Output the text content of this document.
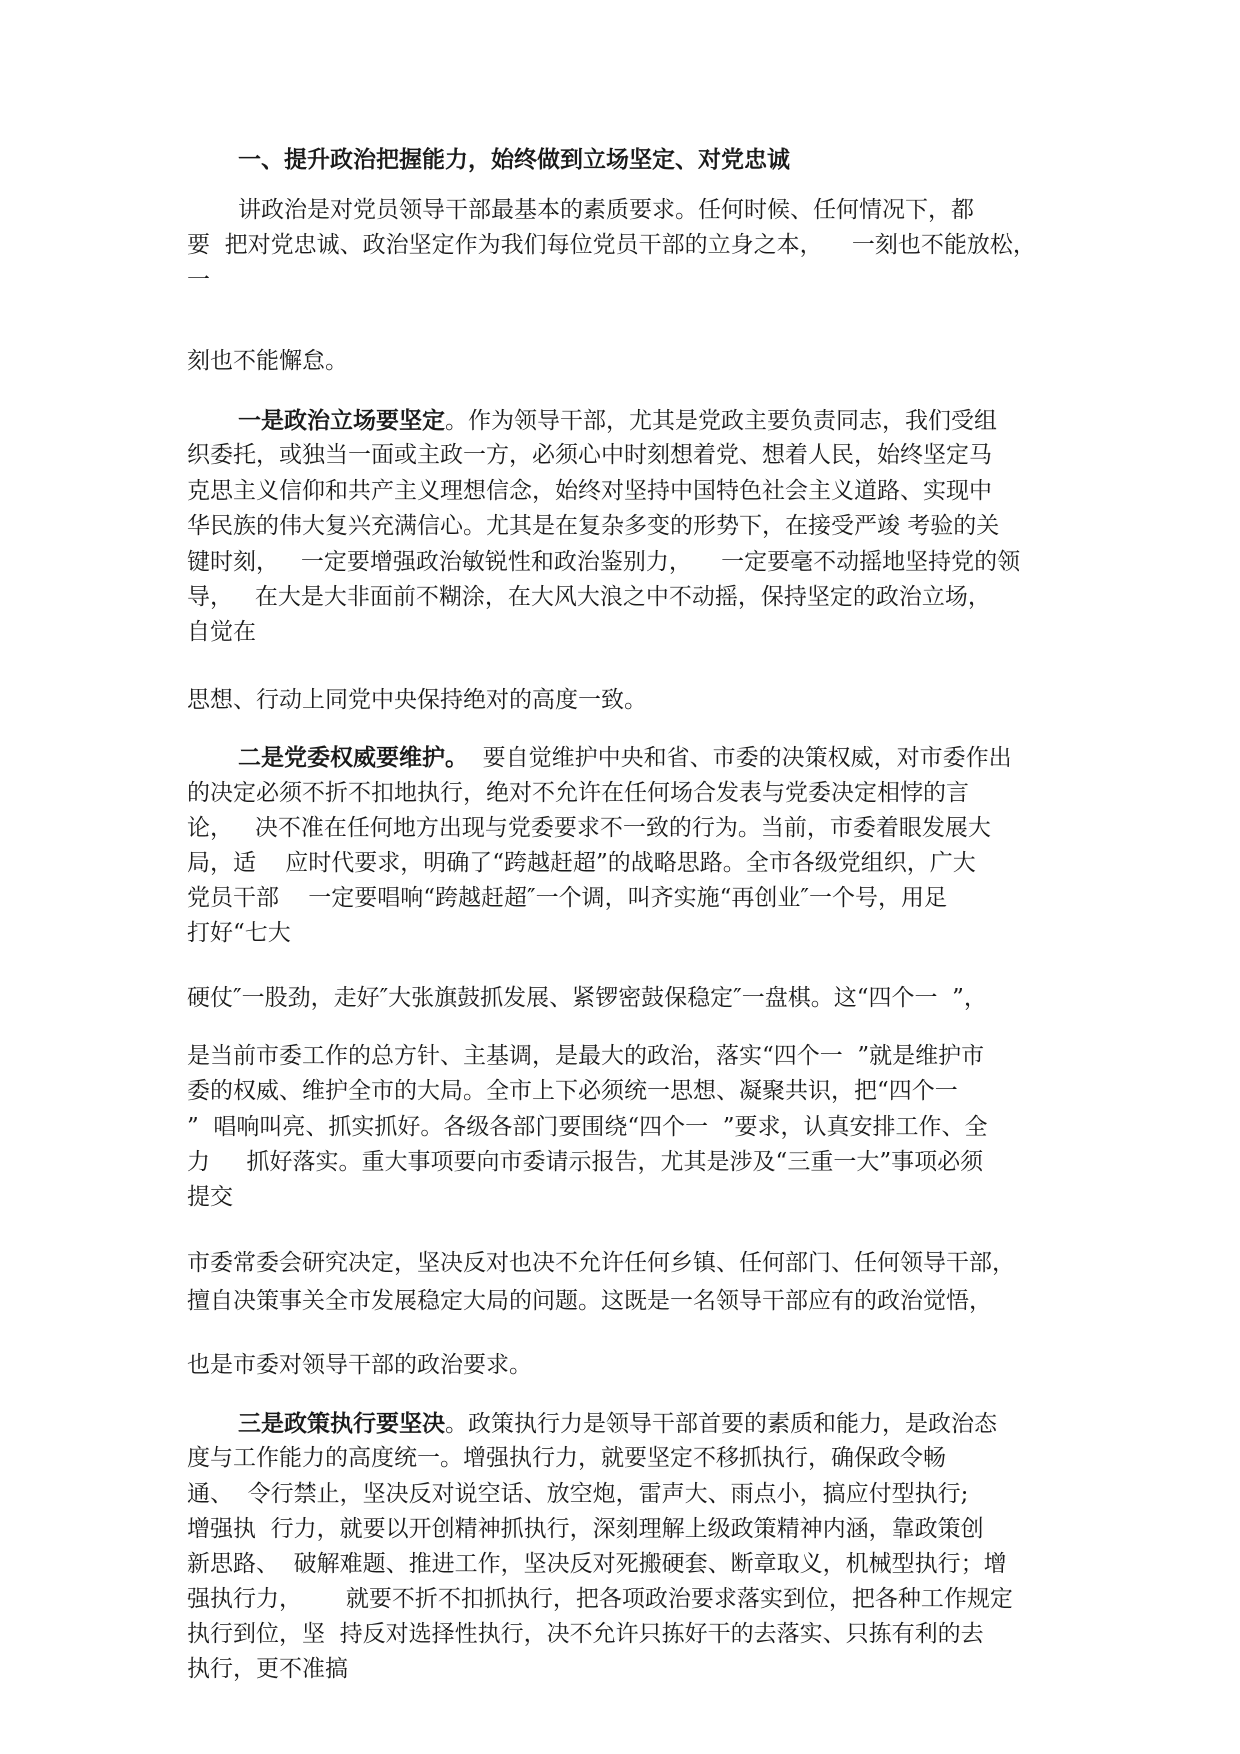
一、提升政治把握能力，始终做到立场坚定、对党忠诚
讲政治是对党员领导干部最基本的素质要求。任何时候、任何情况下，都
要  把对党忠诚、政治坚定作为我们每位党员干部的立身之本，    一刻也不能放松，
一
刻也不能懈怠。
一是政治立场要坚定。作为领导干部，尤其是党政主要负责同志，我们受组
织委托，或独当一面或主政一方，必须心中时刻想着党、想着人民，始终坚定马
克思主义信仰和共产主义理想信念，始终对坚持中国特色社会主义道路、实现中
华民族的伟大复兴充满信心。尤其是在复杂多变的形势下，在接受严竣 考验的关
键时刻，   一定要增强政治敏锐性和政治鉴别力，    一定要毫不动摇地坚持党的领
导，   在大是大非面前不糊涂，在大风大浪之中不动摇，保持坚定的政治立场，
自觉在
思想、行动上同党中央保持绝对的高度一致。
二是党委权威要维护。  要自觉维护中央和省、市委的决策权威，对市委作出
的决定必须不折不扣地执行，绝对不允许在任何场合发表与党委决定相悖的言
论，   决不准在任何地方出现与党委要求不一致的行为。当前，市委着眼发展大
局，适    应时代要求，明确了“跨越赶超”的战略思路。全市各级党组织，广大
党员干部    一定要唱响“跨越赶超″一个调，叫齐实施“再创业″一个号，用足
打好“七大
硬仗″一股劲，走好″大张旗鼓抓发展、紧锣密鼓保稳定″一盘棋。这“四个一  ”，
是当前市委工作的总方针、主基调，是最大的政治，落实“四个一  ”就是维护市
委的权威、维护全市的大局。全市上下必须统一思想、凝聚共识，把“四个一
”  唱响叫亮、抓实抓好。各级各部门要围绕“四个一  ”要求，认真安排工作、全
力     抓好落实。重大事项要向市委请示报告，尤其是涉及“三重一大”事项必须
提交
市委常委会研究决定，坚决反对也决不允许任何乡镇、任何部门、任何领导干部，
擅自决策事关全市发展稳定大局的问题。这既是一名领导干部应有的政治觉悟，
也是市委对领导干部的政治要求。
三是政策执行要坚决。政策执行力是领导干部首要的素质和能力，是政治态
度与工作能力的高度统一。增强执行力，就要坚定不移抓执行，确保政令畅
通、  令行禁止，坚决反对说空话、放空炮，雷声大、雨点小，搞应付型执行;
增强执  行力，就要以开创精神抓执行，深刻理解上级政策精神内涵，靠政策创
新思路、  破解难题、推进工作，坚决反对死搬硬套、断章取义，机械型执行；增
强执行力，      就要不折不扣抓执行，把各项政治要求落实到位，把各种工作规定
执行到位，坚  持反对选择性执行，决不允许只拣好干的去落实、只拣有利的去
执行，更不准搞
